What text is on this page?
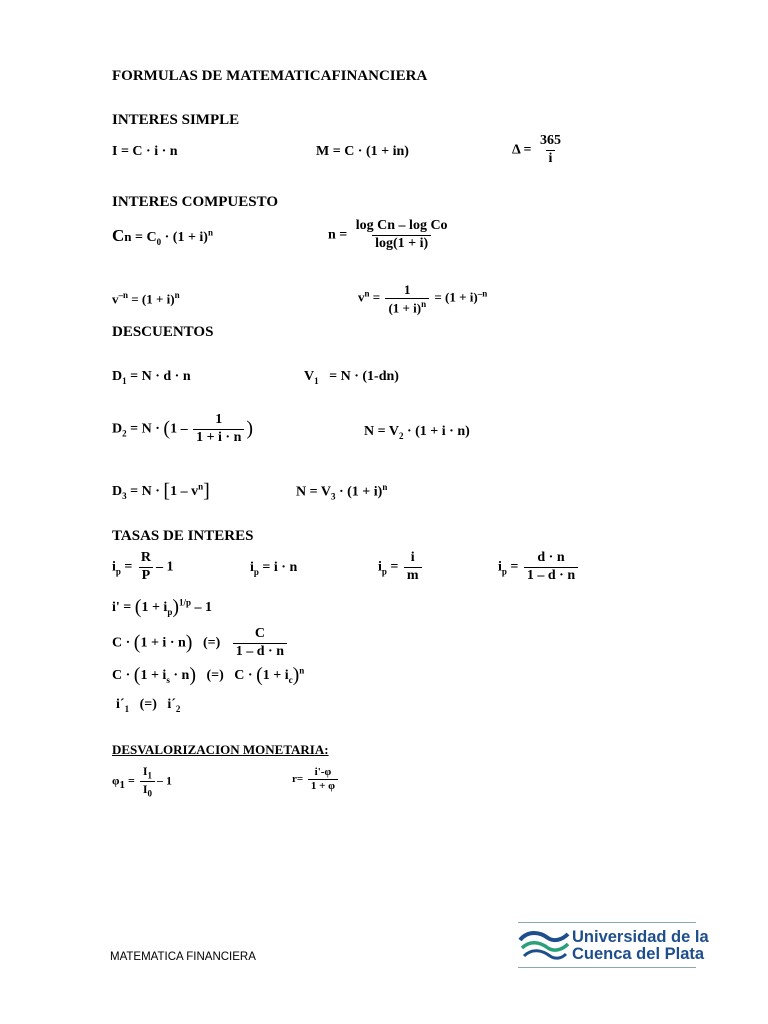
FORMULAS DE MATEMATICAFINANCIERA
INTERES SIMPLE
I = C · i · n	M = C · (1 + in)	$\Delta = \frac{365}{i}$
INTERES COMPUESTO
$Cn = C_0 \cdot (1 + i)^n$	$n = \frac{\text{log Cn – log Co}}{\log(1 + i)}$
$v^{-n} = (1 + i)^n$	$v^n = \frac{1}{(1 + i)^n} = (1 + i)^{-n}$
DESCUENTOS
$D_1 = N \cdot d \cdot n$	$V_1 = N \cdot (1-dn)$
$D_2 = N \cdot (1 - \frac{1}{1 + i \cdot n}$ )	$N = V_2 \cdot (1 + i \cdot n)$
$D_3 = N \cdot [1 - v^n]$	$N = V_3 \cdot (1 + i)^n$
TASAS DE INTERES
$i_p = \frac{R}{P} - 1$	$i_p = i \cdot n$	$i_p = \frac{i}{m}$	$i_p = \frac{d \cdot n}{1 - d \cdot n}$
$i' = (1 + i_p)^{1/p} - 1$
C · (1 + i · n)   (=) $\frac{C}{1 - d \cdot n}$
$C \cdot (1 + i_s \cdot n)$   (=)   $C \cdot (1 + i_c)^n$
$i´_1$   (=)   $i´_2$
DESVALORIZACION MONETARIA:
$\varphi_1 = \frac{I_1}{I_0} - 1$	$r= \frac{i'-\varphi}{1 + \varphi}$
MATEMATICA FINANCIERA
Universidad de la
Cuenca del Plata
